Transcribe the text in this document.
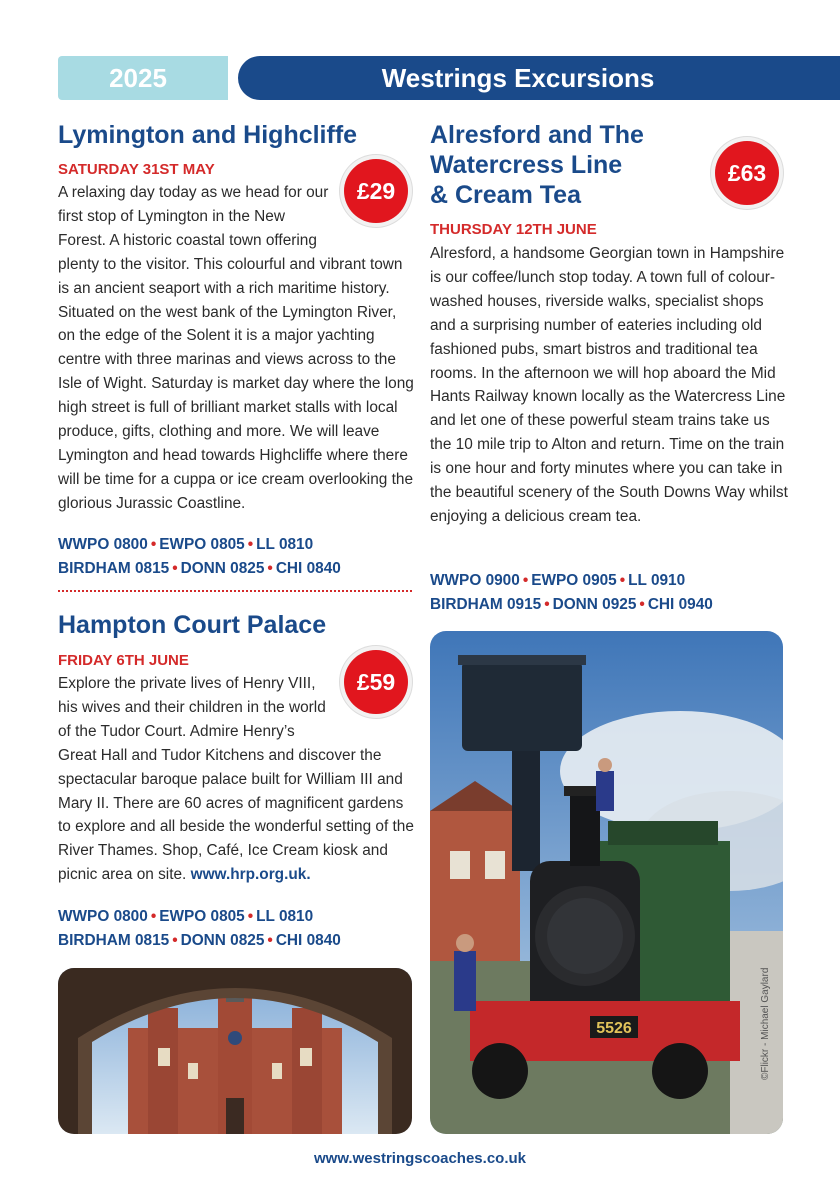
2025	Westrings Excursions
Lymington and Highcliffe
SATURDAY 31ST MAY
£29

A relaxing day today as we head for our first stop of Lymington in the New Forest. A historic coastal town offering plenty to the visitor. This colourful and vibrant town is an ancient seaport with a rich maritime history. Situated on the west bank of the Lymington River, on the edge of the Solent it is a major yachting centre with three marinas and views across to the Isle of Wight. Saturday is market day where the long high street is full of brilliant market stalls with local produce, gifts, clothing and more. We will leave Lymington and head towards Highcliffe where there will be time for a cuppa or ice cream overlooking the glorious Jurassic Coastline.

WWPO 0800 • EWPO 0805 • LL 0810
BIRDHAM 0815 • DONN 0825 • CHI 0840
Hampton Court Palace
FRIDAY 6TH JUNE
£59

Explore the private lives of Henry VIII, his wives and their children in the world of the Tudor Court. Admire Henry’s Great Hall and Tudor Kitchens and discover the spectacular baroque palace built for William III and Mary II. There are 60 acres of magnificent gardens to explore and all beside the wonderful setting of the River Thames. Shop, Café, Ice Cream kiosk and picnic area on site. www.hrp.org.uk.

WWPO 0800 • EWPO 0805 • LL 0810
BIRDHAM 0815 • DONN 0825 • CHI 0840
Alresford and The
Watercress Line
& Cream Tea
£63
THURSDAY 12TH JUNE

Alresford, a handsome Georgian town in Hampshire is our coffee/lunch stop today. A town full of colour-washed houses, riverside walks, specialist shops and a surprising number of eateries including old fashioned pubs, smart bistros and traditional tea rooms. In the afternoon we will hop aboard the Mid Hants Railway known locally as the Watercress Line and let one of these powerful steam trains take us the 10 mile trip to Alton and return. Time on the train is one hour and forty minutes where you can take in the beautiful scenery of the South Downs Way whilst enjoying a delicious cream tea.

WWPO 0900 • EWPO 0905 • LL 0910
BIRDHAM 0915 • DONN 0925 • CHI 0940
5526	©Flickr - Michael Gaylard
www.westringscoaches.co.uk
